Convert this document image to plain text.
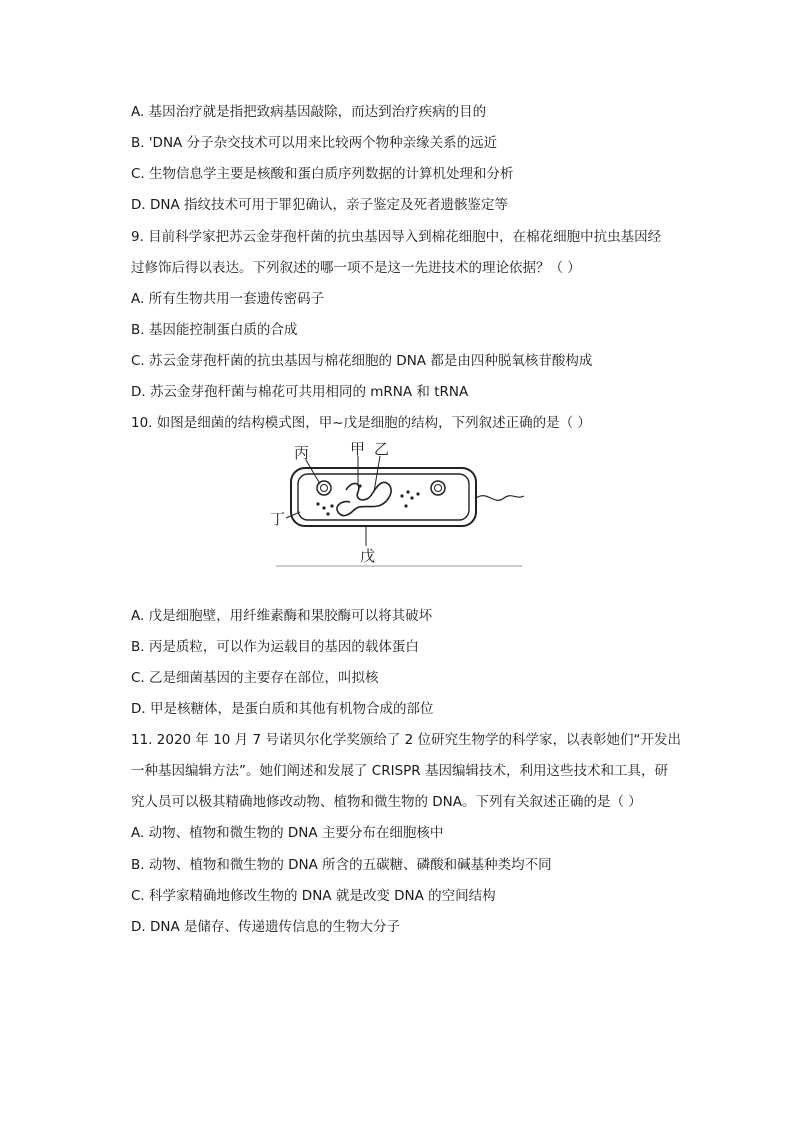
A. 基因治疗就是指把致病基因敲除，而达到治疗疾病的目的
B. 'DNA 分子杂交技术可以用来比较两个物种亲缘关系的远近
C. 生物信息学主要是核酸和蛋白质序列数据的计算机处理和分析
D. DNA 指纹技术可用于罪犯确认，亲子鉴定及死者遗骸鉴定等
9. 目前科学家把苏云金芽孢杆菌的抗虫基因导入到棉花细胞中，在棉花细胞中抗虫基因经
过修饰后得以表达。下列叙述的哪一项不是这一先进技术的理论依据？（ ）
A. 所有生物共用一套遗传密码子
B. 基因能控制蛋白质的合成
C. 苏云金芽孢杆菌的抗虫基因与棉花细胞的 DNA 都是由四种脱氧核苷酸构成
D. 苏云金芽孢杆菌与棉花可共用相同的 mRNA 和 tRNA
10. 如图是细菌的结构模式图，甲~戊是细胞的结构，下列叙述正确的是（ ）
丙	甲 乙
丁
戊
A. 戊是细胞壁，用纤维素酶和果胶酶可以将其破坏
B. 丙是质粒，可以作为运载目的基因的载体蛋白
C. 乙是细菌基因的主要存在部位，叫拟核
D. 甲是核糖体，是蛋白质和其他有机物合成的部位
11. 2020 年 10 月 7 号诺贝尔化学奖颁给了 2 位研究生物学的科学家，以表彰她们“开发出
一种基因编辑方法”。她们阐述和发展了 CRISPR 基因编辑技术，利用这些技术和工具，研
究人员可以极其精确地修改动物、植物和微生物的 DNA。下列有关叙述正确的是（ ）
A. 动物、植物和微生物的 DNA 主要分布在细胞核中
B. 动物、植物和微生物的 DNA 所含的五碳糖、磷酸和碱基种类均不同
C. 科学家精确地修改生物的 DNA 就是改变 DNA 的空间结构
D. DNA 是储存、传递遗传信息的生物大分子
